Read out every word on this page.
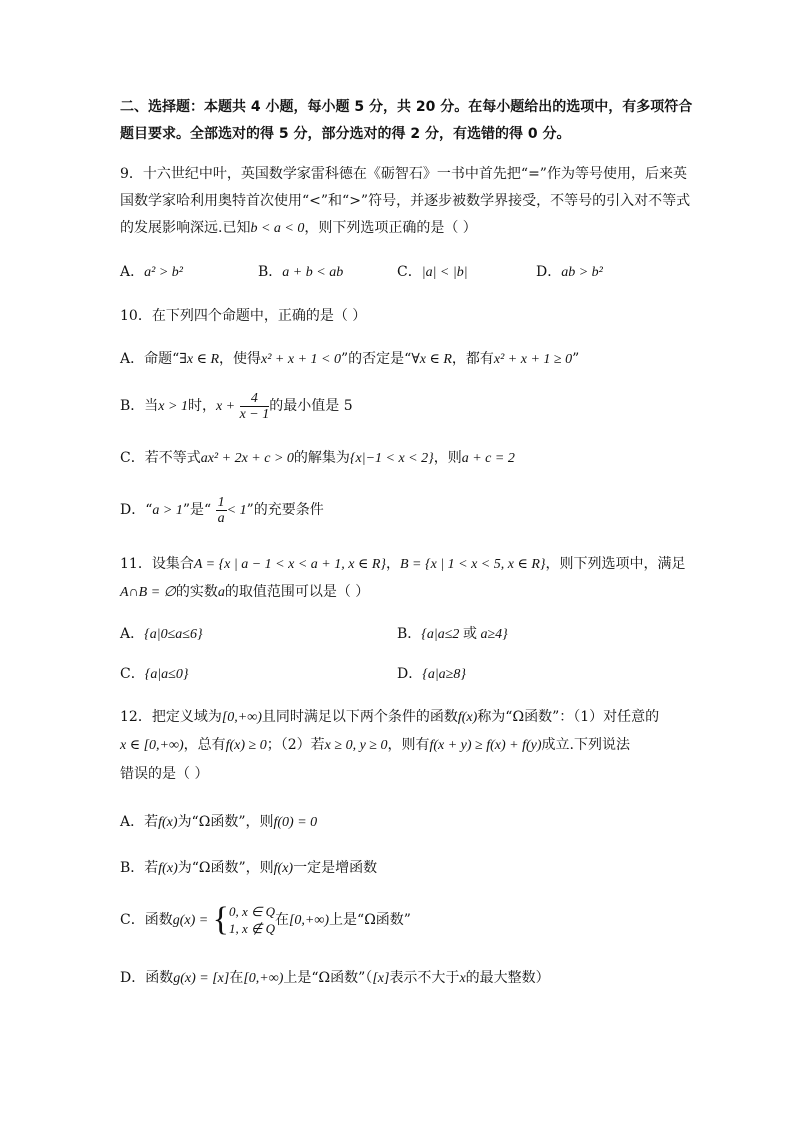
二、选择题：本题共 4 小题，每小题 5 分，共 20 分。在每小题给出的选项中，有多项符合
题目要求。全部选对的得 5 分，部分选对的得 2 分，有选错的得 0 分。
9．十六世纪中叶，英国数学家雷科德在《砺智石》一书中首先把“=”作为等号使用，后来英
国数学家哈利用奥特首次使用“<”和“>”符号，并逐步被数学界接受，不等号的引入对不等式
的发展影响深远.已知b < a < 0，则下列选项正确的是（ ）
A．a² > b²	B．a + b < ab	C．|a| < |b|	D．ab > b²
10．在下列四个命题中，正确的是（ ）
A．命题“∃x ∈ R，使得x² + x + 1 < 0”的否定是“∀x ∈ R，都有x² + x + 1 ≥ 0”
B．当x > 1时，$x + \frac{4}{x - 1}$ 的最小值是 5
C．若不等式ax² + 2x + c > 0的解集为{x|−1 < x < 2}，则a + c = 2
D．“a > 1”是“ $\frac{1}{a} < 1$”的充要条件
11．设集合A = {x | a − 1 < x < a + 1, x ∈ R}，B = {x | 1 < x < 5, x ∈ R}，则下列选项中，满足
A∩B = ∅的实数a的取值范围可以是（ ）
A．{a|0≤a≤6}	B．{a|a≤2 或 a≥4}
C．{a|a≤0}	D．{a|a≥8}
12．把定义域为[0,+∞)且同时满足以下两个条件的函数f(x)称为“Ω函数”：（1）对任意的
x ∈ [0,+∞)，总有f(x) ≥ 0；（2）若x ≥ 0, y ≥ 0，则有f(x + y) ≥ f(x) + f(y)成立.下列说法
错误的是（ ）
A．若f(x)为“Ω函数”，则f(0) = 0
B．若f(x)为“Ω函数”，则f(x)一定是增函数
C．函数g(x) = { 0, x ∈ Q
1, x ∉ Q
在[0,+∞)上是“Ω函数”
D．函数g(x) = [x]在[0,+∞)上是“Ω函数”（[x]表示不大于x的最大整数）
